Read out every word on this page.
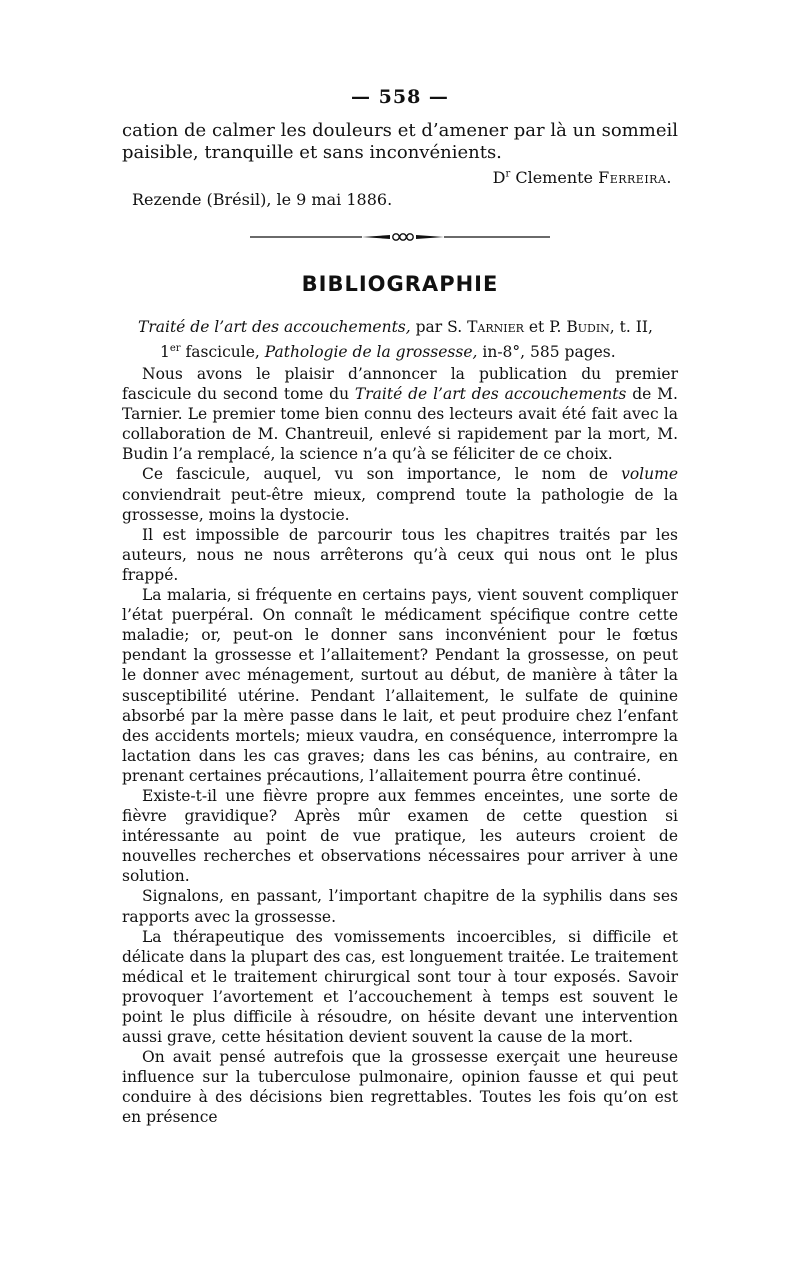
— 558 —
cation de calmer les douleurs et d’amener par là un sommeil paisible, tranquille et sans inconvénients.
$D^r$ Clemente Ferreira.
Rezende (Brésil), le 9 mai 1886.
BIBLIOGRAPHIE
Traité de l’art des accouchements, par S. Tarnier et P. Budin, t. II,
1er fascicule, Pathologie de la grossesse, in-8°, 585 pages.

Nous avons le plaisir d’annoncer la publication du premier fascicule du second tome du Traité de l’art des accouchements de M. Tarnier. Le premier tome bien connu des lecteurs avait été fait avec la collaboration de M. Chantreuil, enlevé si rapidement par la mort, M. Budin l’a remplacé, la science n’a qu’à se féliciter de ce choix.

Ce fascicule, auquel, vu son importance, le nom de volume conviendrait peut-être mieux, comprend toute la pathologie de la grossesse, moins la dystocie.

Il est impossible de parcourir tous les chapitres traités par les auteurs, nous ne nous arrêterons qu’à ceux qui nous ont le plus frappé.

La malaria, si fréquente en certains pays, vient souvent compliquer l’état puerpéral. On connaît le médicament spécifique contre cette maladie; or, peut-on le donner sans inconvénient pour le fœtus pendant la grossesse et l’allaitement? Pendant la grossesse, on peut le donner avec ménagement, surtout au début, de manière à tâter la susceptibilité utérine. Pendant l’allaitement, le sulfate de quinine absorbé par la mère passe dans le lait, et peut produire chez l’enfant des accidents mortels; mieux vaudra, en conséquence, interrompre la lactation dans les cas graves; dans les cas bénins, au contraire, en prenant certaines précautions, l’allaitement pourra être continué.

Existe-t-il une fièvre propre aux femmes enceintes, une sorte de fièvre gravidique? Après mûr examen de cette question si intéressante au point de vue pratique, les auteurs croient de nouvelles recherches et observations nécessaires pour arriver à une solution.

Signalons, en passant, l’important chapitre de la syphilis dans ses rapports avec la grossesse.

La thérapeutique des vomissements incoercibles, si difficile et délicate dans la plupart des cas, est longuement traitée. Le traitement médical et le traitement chirurgical sont tour à tour exposés. Savoir provoquer l’avortement et l’accouchement à temps est souvent le point le plus difficile à résoudre, on hésite devant une intervention aussi grave, cette hésitation devient souvent la cause de la mort.

On avait pensé autrefois que la grossesse exerçait une heureuse influence sur la tuberculose pulmonaire, opinion fausse et qui peut conduire à des décisions bien regrettables. Toutes les fois qu’on est en présence
